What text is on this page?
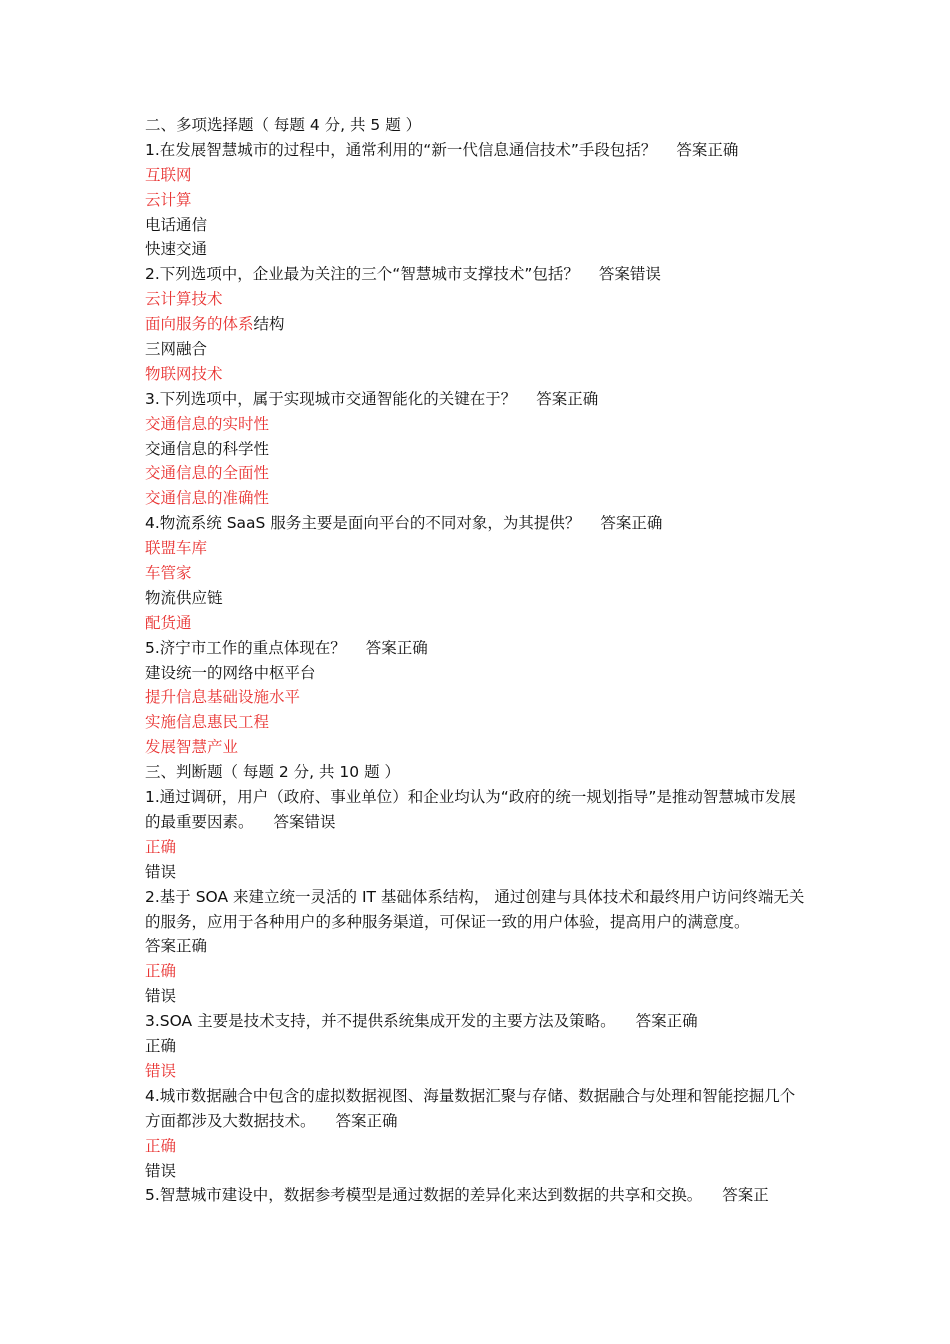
二、多项选择题（ 每题 4 分, 共 5 题 ）
1.在发展智慧城市的过程中，通常利用的“新一代信息通信技术”手段包括？ 答案正确
互联网
云计算
电话通信
快速交通
2.下列选项中，企业最为关注的三个“智慧城市支撑技术”包括？ 答案错误
云计算技术
面向服务的体系结构
三网融合
物联网技术
3.下列选项中，属于实现城市交通智能化的关键在于？ 答案正确
交通信息的实时性
交通信息的科学性
交通信息的全面性
交通信息的准确性
4.物流系统 SaaS 服务主要是面向平台的不同对象，为其提供？ 答案正确
联盟车库
车管家
物流供应链
配货通
5.济宁市工作的重点体现在？ 答案正确
建设统一的网络中枢平台
提升信息基础设施水平
实施信息惠民工程
发展智慧产业
三、判断题（ 每题 2 分, 共 10 题 ）
1.通过调研，用户（政府、事业单位）和企业均认为“政府的统一规划指导”是推动智慧城市发展的最重要因素。 答案错误
正确
错误
2.基于 SOA 来建立统一灵活的 IT 基础体系结构， 通过创建与具体技术和最终用户访问终端无关的服务，应用于各种用户的多种服务渠道，可保证一致的用户体验，提高用户的满意度。
答案正确
正确
错误
3.SOA 主要是技术支持，并不提供系统集成开发的主要方法及策略。 答案正确
正确
错误
4.城市数据融合中包含的虚拟数据视图、海量数据汇聚与存储、数据融合与处理和智能挖掘几个方面都涉及大数据技术。 答案正确
正确
错误
5.智慧城市建设中，数据参考模型是通过数据的差异化来达到数据的共享和交换。 答案正
